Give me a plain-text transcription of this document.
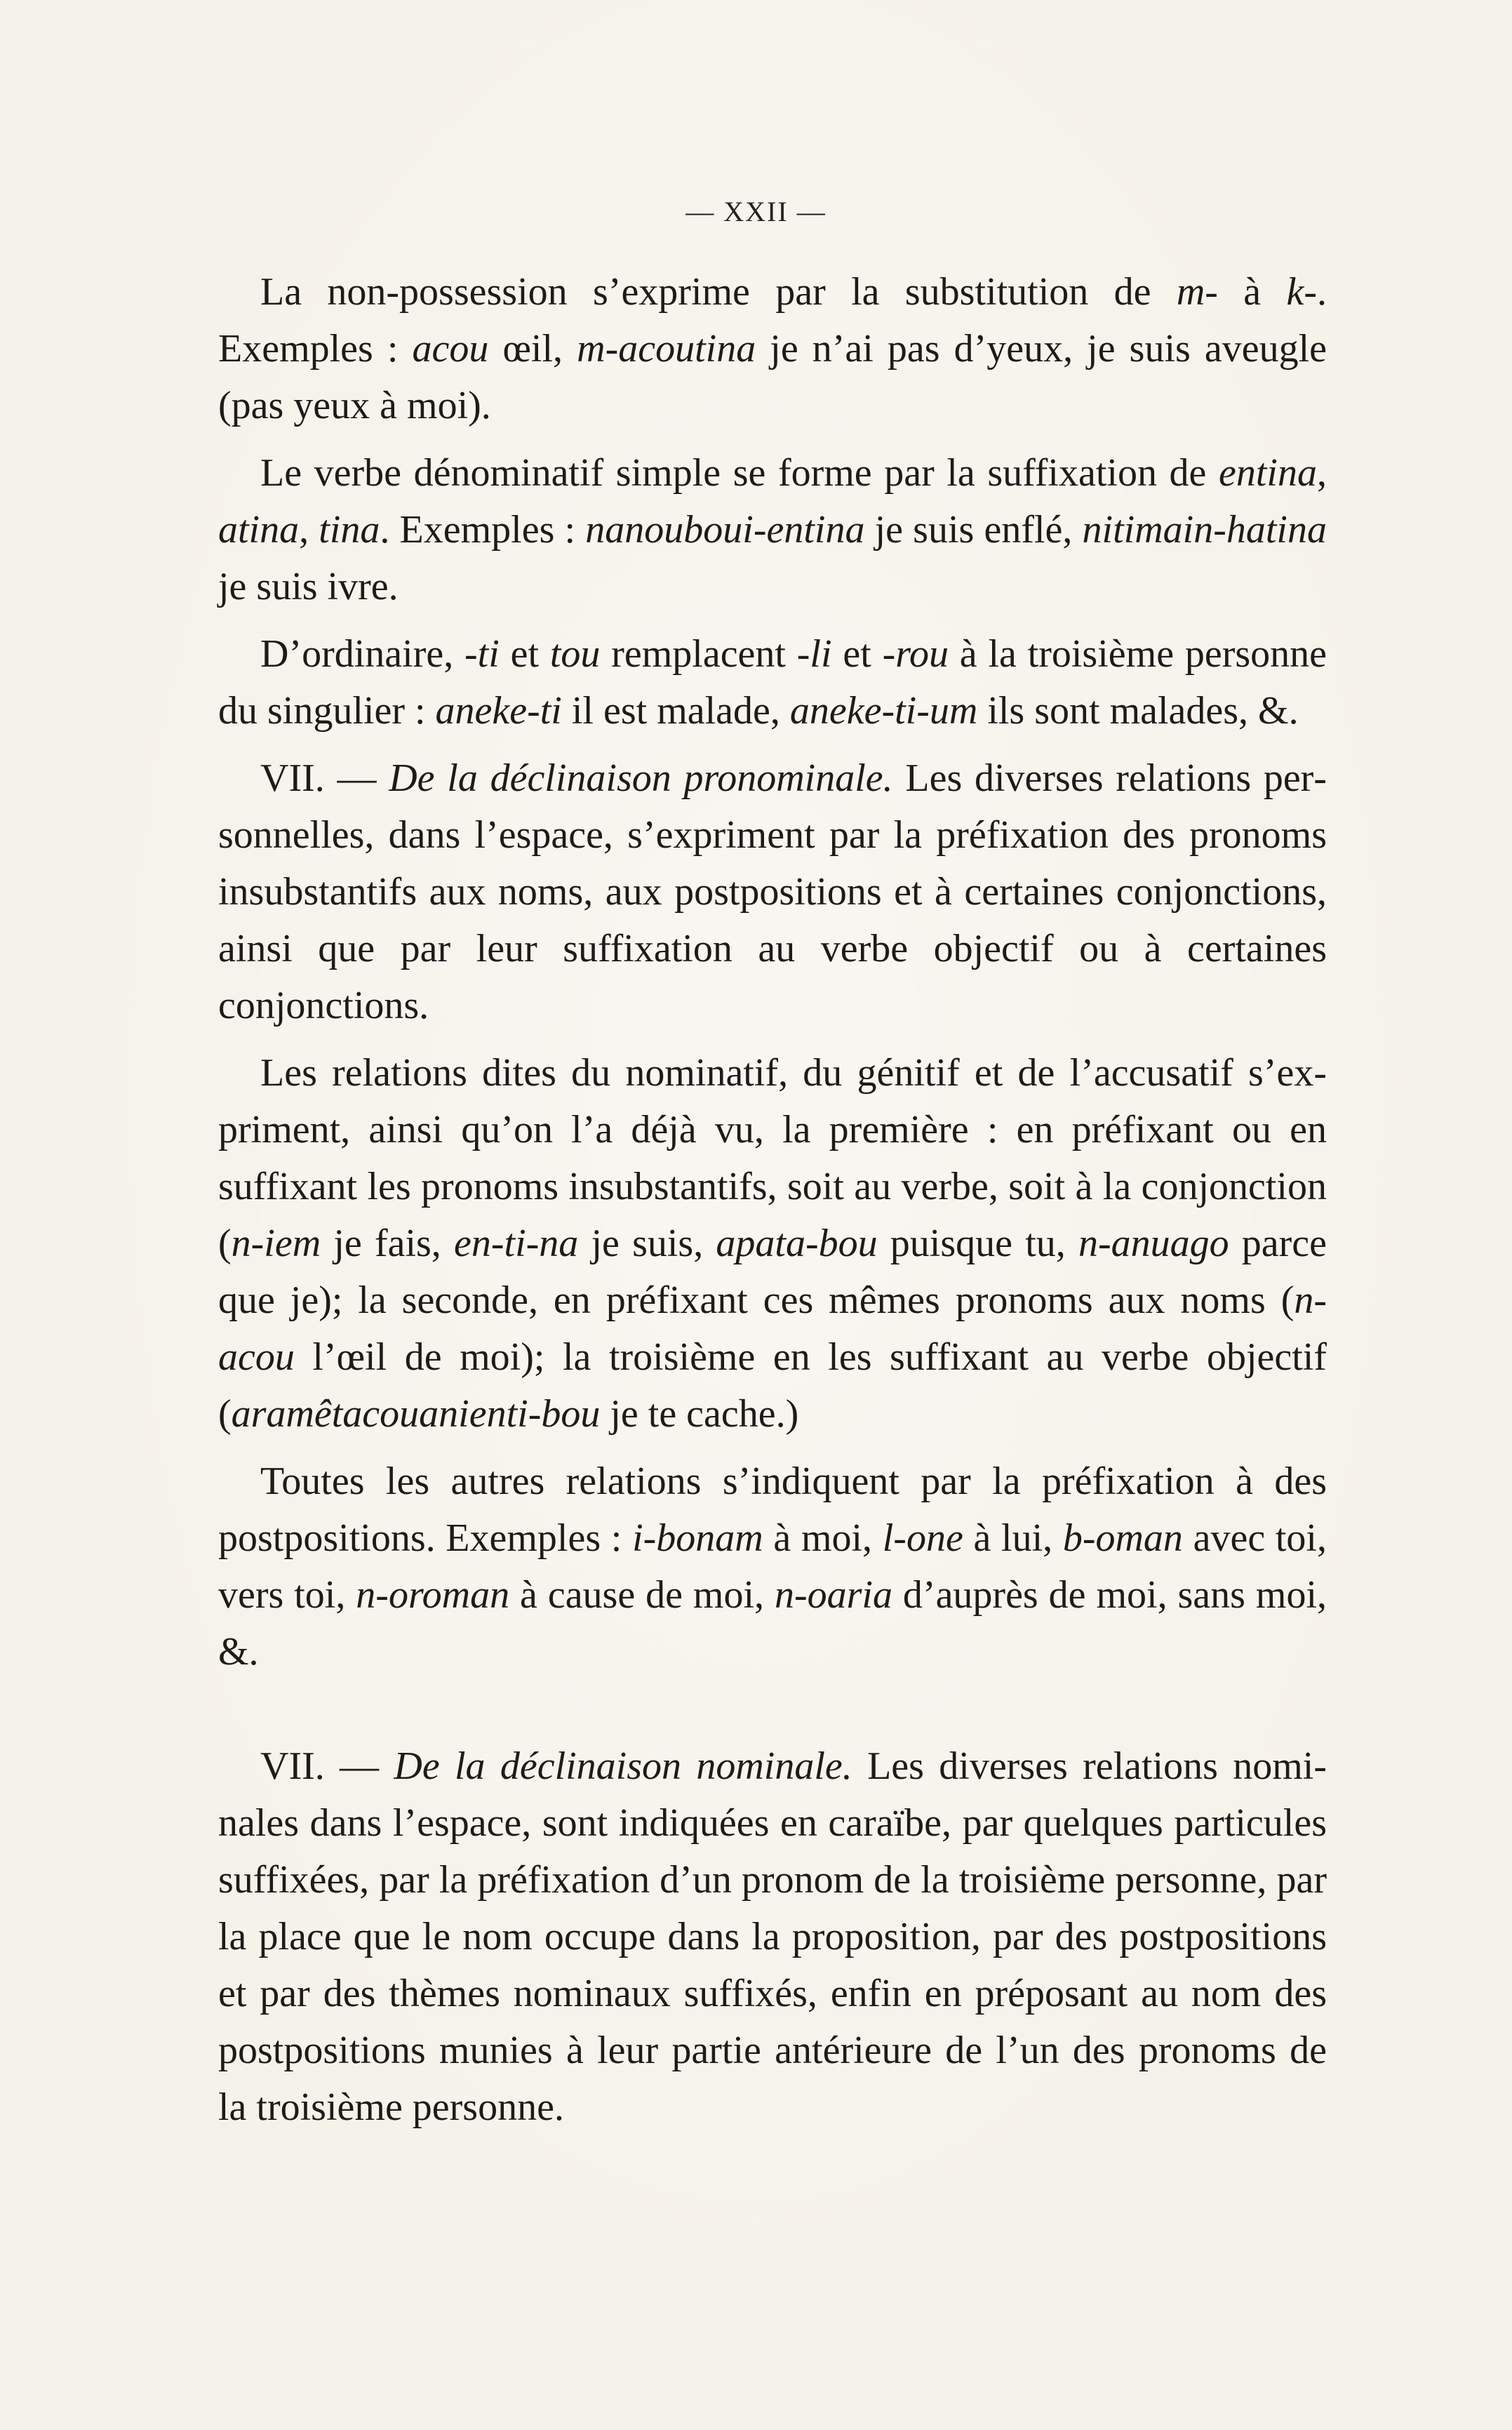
— XXII —

La non-possession s’exprime par la substitution de m- à k-. Exemples : acou œil, m-acoutina je n’ai pas d’yeux, je suis aveugle (pas yeux à moi).

Le verbe dénominatif simple se forme par la suffixation de entina, atina, tina. Exemples : nanouboui-entina je suis enflé, nitimain-hatina je suis ivre.

D’ordinaire, -ti et tou remplacent -li et -rou à la troisième personne du singulier : aneke-ti il est malade, aneke-ti-um ils sont malades, &.

VII. — De la déclinaison pronominale. Les diverses relations personnelles, dans l’espace, s’expriment par la préfixation des pronoms insubstantifs aux noms, aux postpositions et à certaines conjonctions, ainsi que par leur suffixation au verbe objectif ou à certaines conjonctions.

Les relations dites du nominatif, du génitif et de l’accusatif s’expriment, ainsi qu’on l’a déjà vu, la première : en préfixant ou en suffixant les pronoms insubstantifs, soit au verbe, soit à la conjonction (n-iem je fais, en-ti-na je suis, apata-bou puisque tu, n-anuago parce que je); la seconde, en préfixant ces mêmes pronoms aux noms (n-acou l’œil de moi); la troisième en les suffixant au verbe objectif (aramêtacouanienti-bou je te cache.)

Toutes les autres relations s’indiquent par la préfixation à des postpositions. Exemples : i-bonam à moi, l-one à lui, b-oman avec toi, vers toi, n-oroman à cause de moi, n-oaria d’auprès de moi, sans moi, &.

VII. — De la déclinaison nominale. Les diverses relations nominales dans l’espace, sont indiquées en caraïbe, par quelques particules suffixées, par la préfixation d’un pronom de la troisième personne, par la place que le nom occupe dans la proposition, par des postpositions et par des thèmes nominaux suffixés, enfin en préposant au nom des postpositions munies à leur partie antérieure de l’un des pronoms de la troisième personne.
